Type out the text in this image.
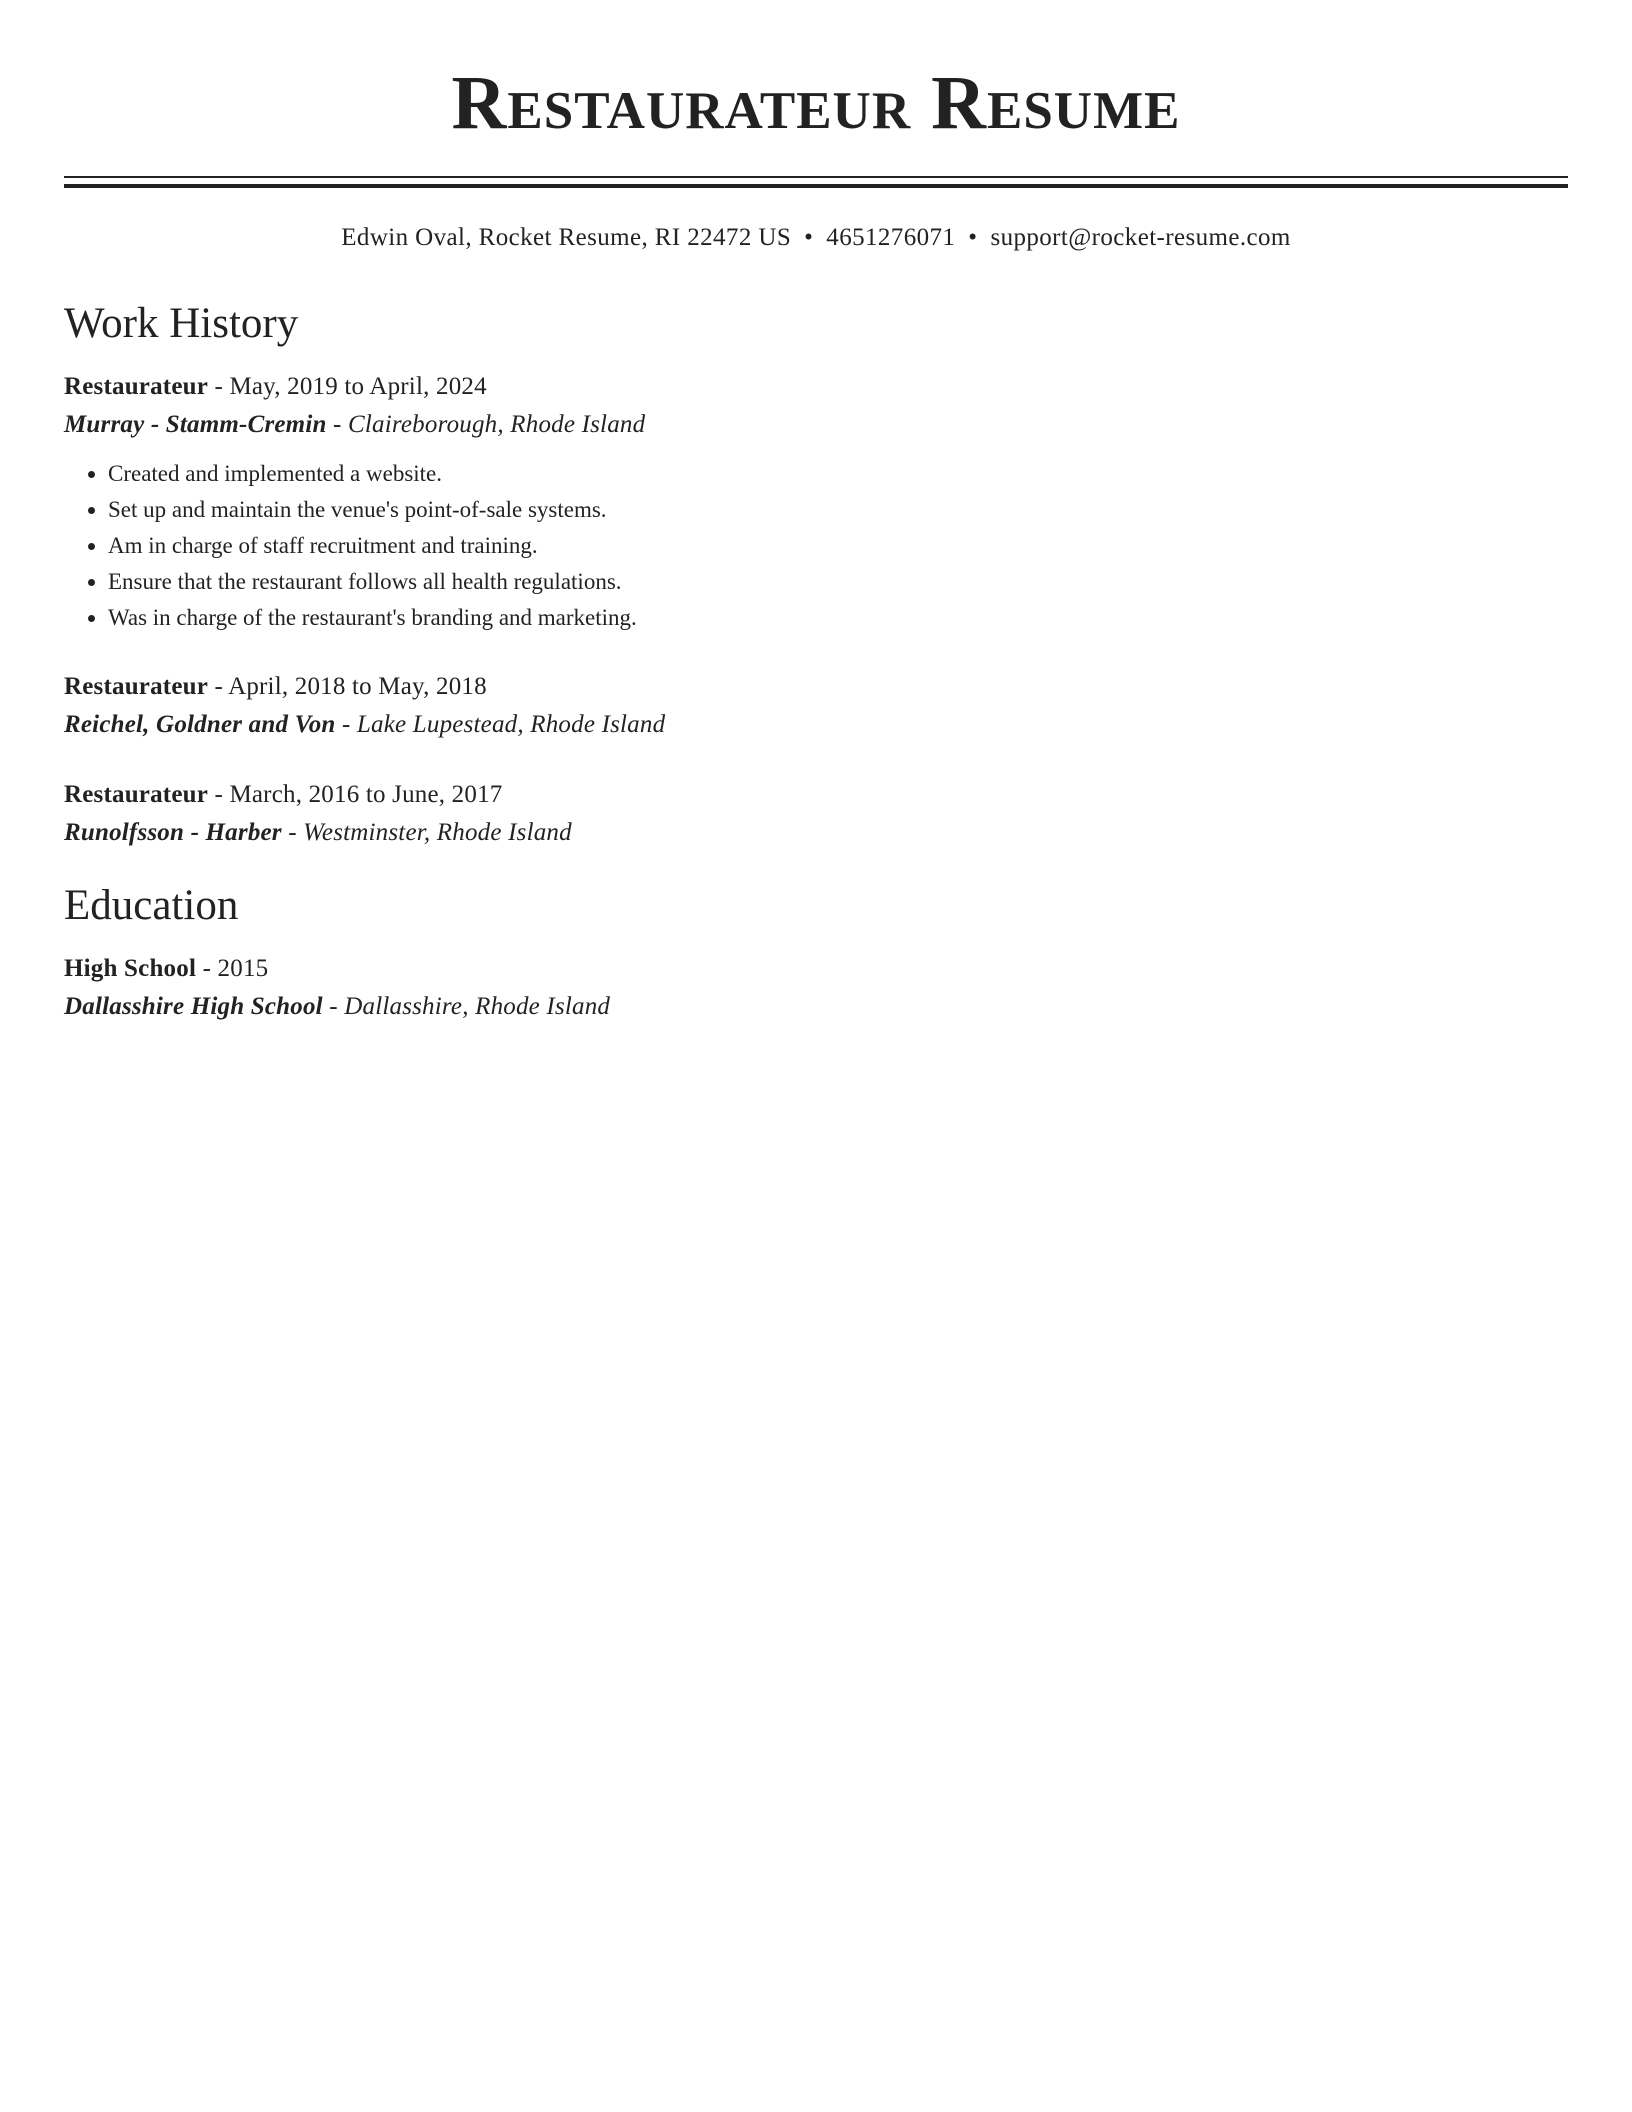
Restaurateur Resume
Edwin Oval, Rocket Resume, RI 22472 US • 4651276071 • support@rocket-resume.com
Work History
Restaurateur - May, 2019 to April, 2024
Murray - Stamm-Cremin - Claireborough, Rhode Island
• Created and implemented a website.
• Set up and maintain the venue's point-of-sale systems.
• Am in charge of staff recruitment and training.
• Ensure that the restaurant follows all health regulations.
• Was in charge of the restaurant's branding and marketing.
Restaurateur - April, 2018 to May, 2018
Reichel, Goldner and Von - Lake Lupestead, Rhode Island
Restaurateur - March, 2016 to June, 2017
Runolfsson - Harber - Westminster, Rhode Island
Education
High School - 2015
Dallasshire High School - Dallasshire, Rhode Island
